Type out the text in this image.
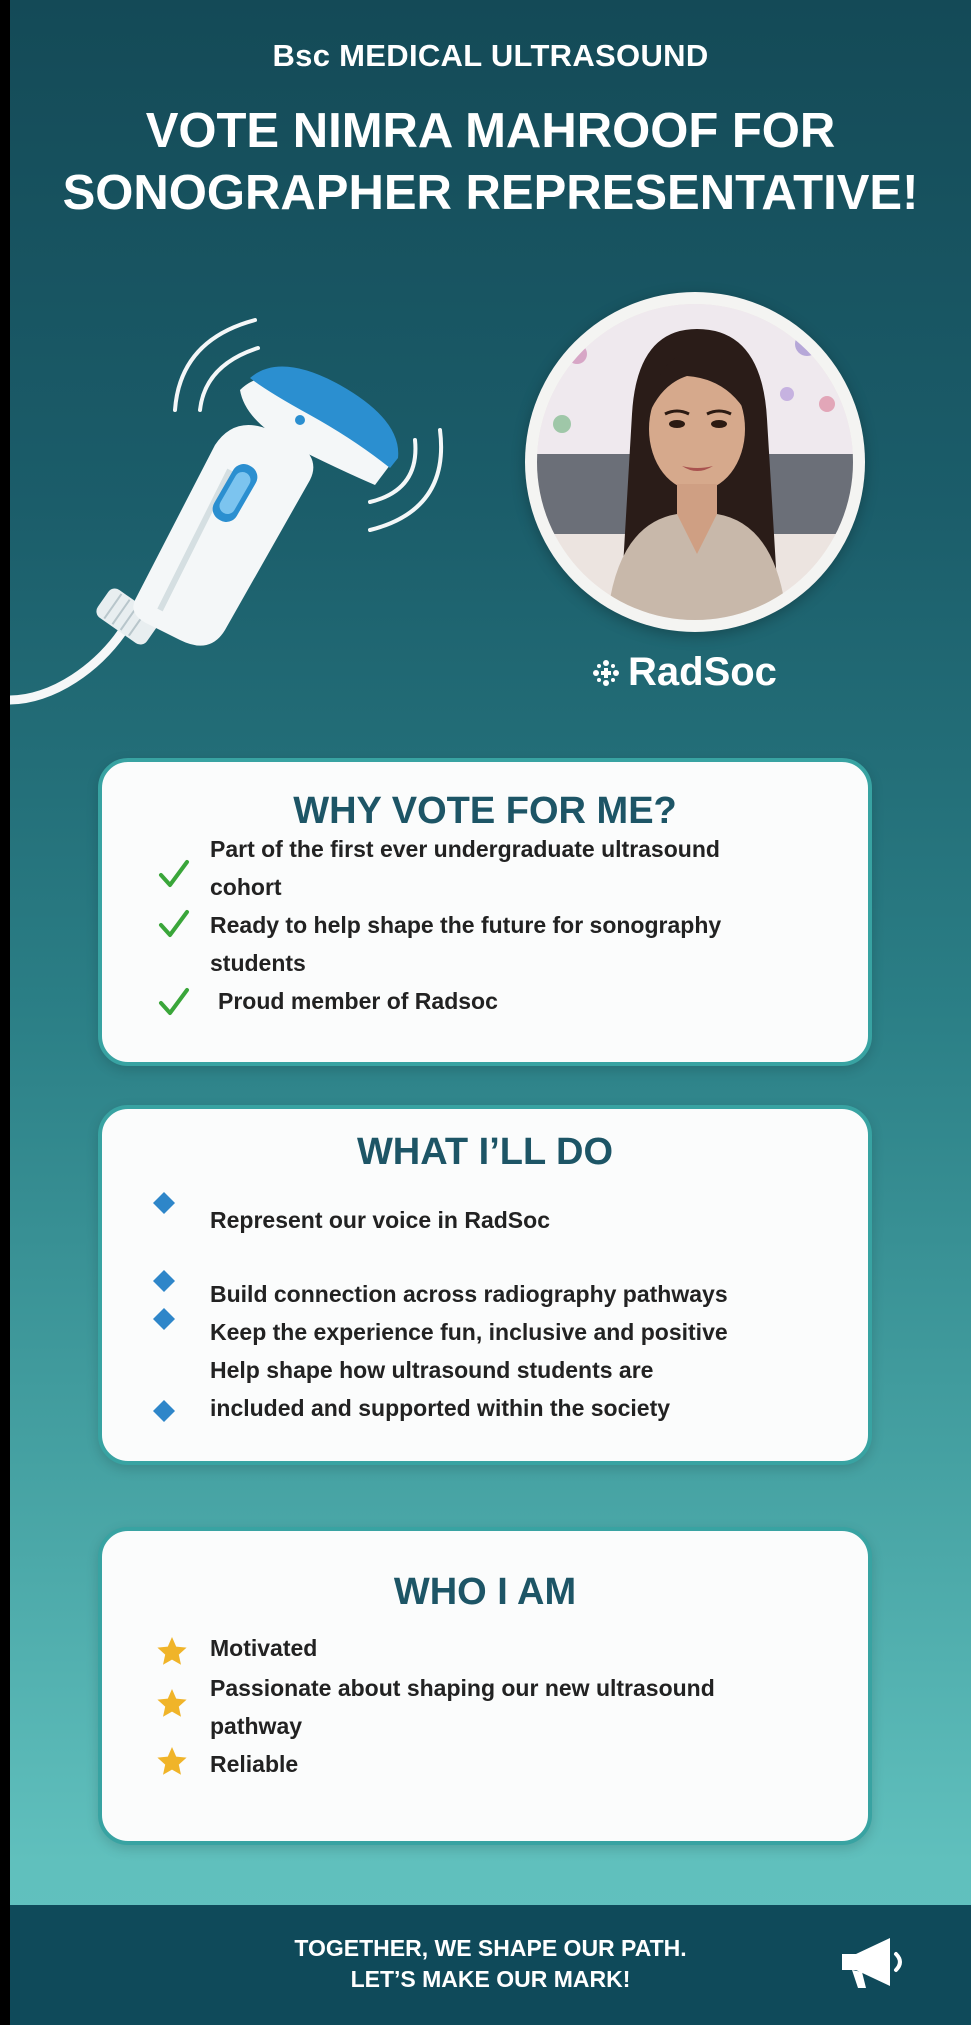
Bsc MEDICAL ULTRASOUND
VOTE NIMRA MAHROOF FOR
SONOGRAPHER REPRESENTATIVE!
RadSoc
WHY VOTE FOR ME?
Part of the first ever undergraduate ultrasound
cohort
Ready to help shape the future for sonography
students
Proud member of Radsoc
WHAT I’LL DO
Represent our voice in RadSoc
Build connection across radiography pathways
Keep the experience fun, inclusive and positive
Help shape how ultrasound students are
included and supported within the society
WHO I AM
Motivated
Passionate about shaping our new ultrasound
pathway
Reliable
TOGETHER, WE SHAPE OUR PATH.
LET’S MAKE OUR MARK!
